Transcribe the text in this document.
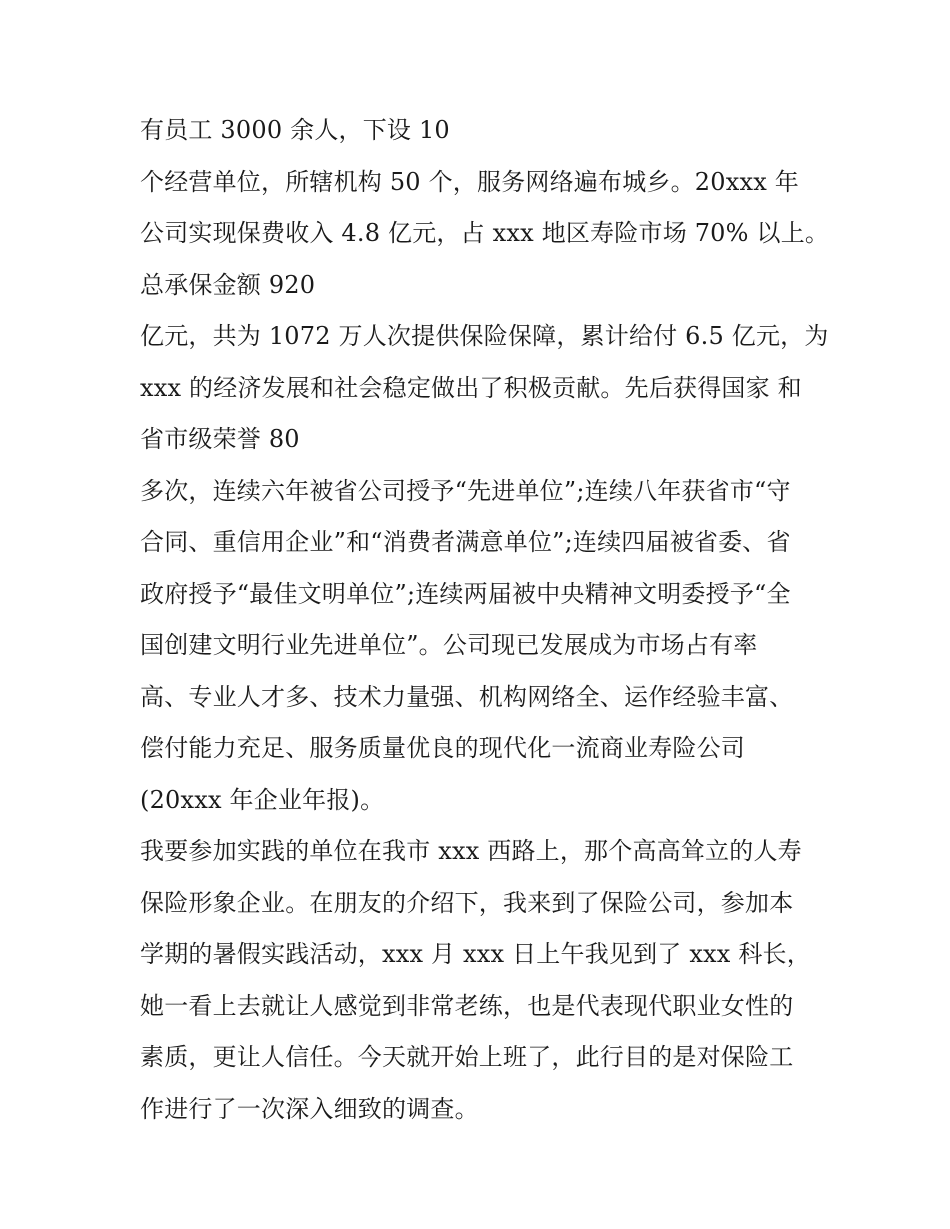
有员工 3000 余人，下设 10
个经营单位，所辖机构 50 个，服务网络遍布城乡。20xxx 年
公司实现保费收入 4.8 亿元，占 xxx 地区寿险市场 70% 以上。
总承保金额 920
亿元，共为 1072 万人次提供保险保障，累计给付 6.5 亿元，为
xxx 的经济发展和社会稳定做出了积极贡献。先后获得国家 和
省市级荣誉 80
多次，连续六年被省公司授予“先进单位”;连续八年获省市“守
合同、重信用企业”和“消费者满意单位”;连续四届被省委、省
政府授予“最佳文明单位”;连续两届被中央精神文明委授予“全
国创建文明行业先进单位”。公司现已发展成为市场占有率
高、专业人才多、技术力量强、机构网络全、运作经验丰富、
偿付能力充足、服务质量优良的现代化一流商业寿险公司
(20xxx 年企业年报)。
我要参加实践的单位在我市 xxx 西路上，那个高高耸立的人寿
保险形象企业。在朋友的介绍下，我来到了保险公司，参加本
学期的暑假实践活动，xxx 月 xxx 日上午我见到了 xxx 科长，
她一看上去就让人感觉到非常老练，也是代表现代职业女性的
素质，更让人信任。今天就开始上班了，此行目的是对保险工
作进行了一次深入细致的调查。
